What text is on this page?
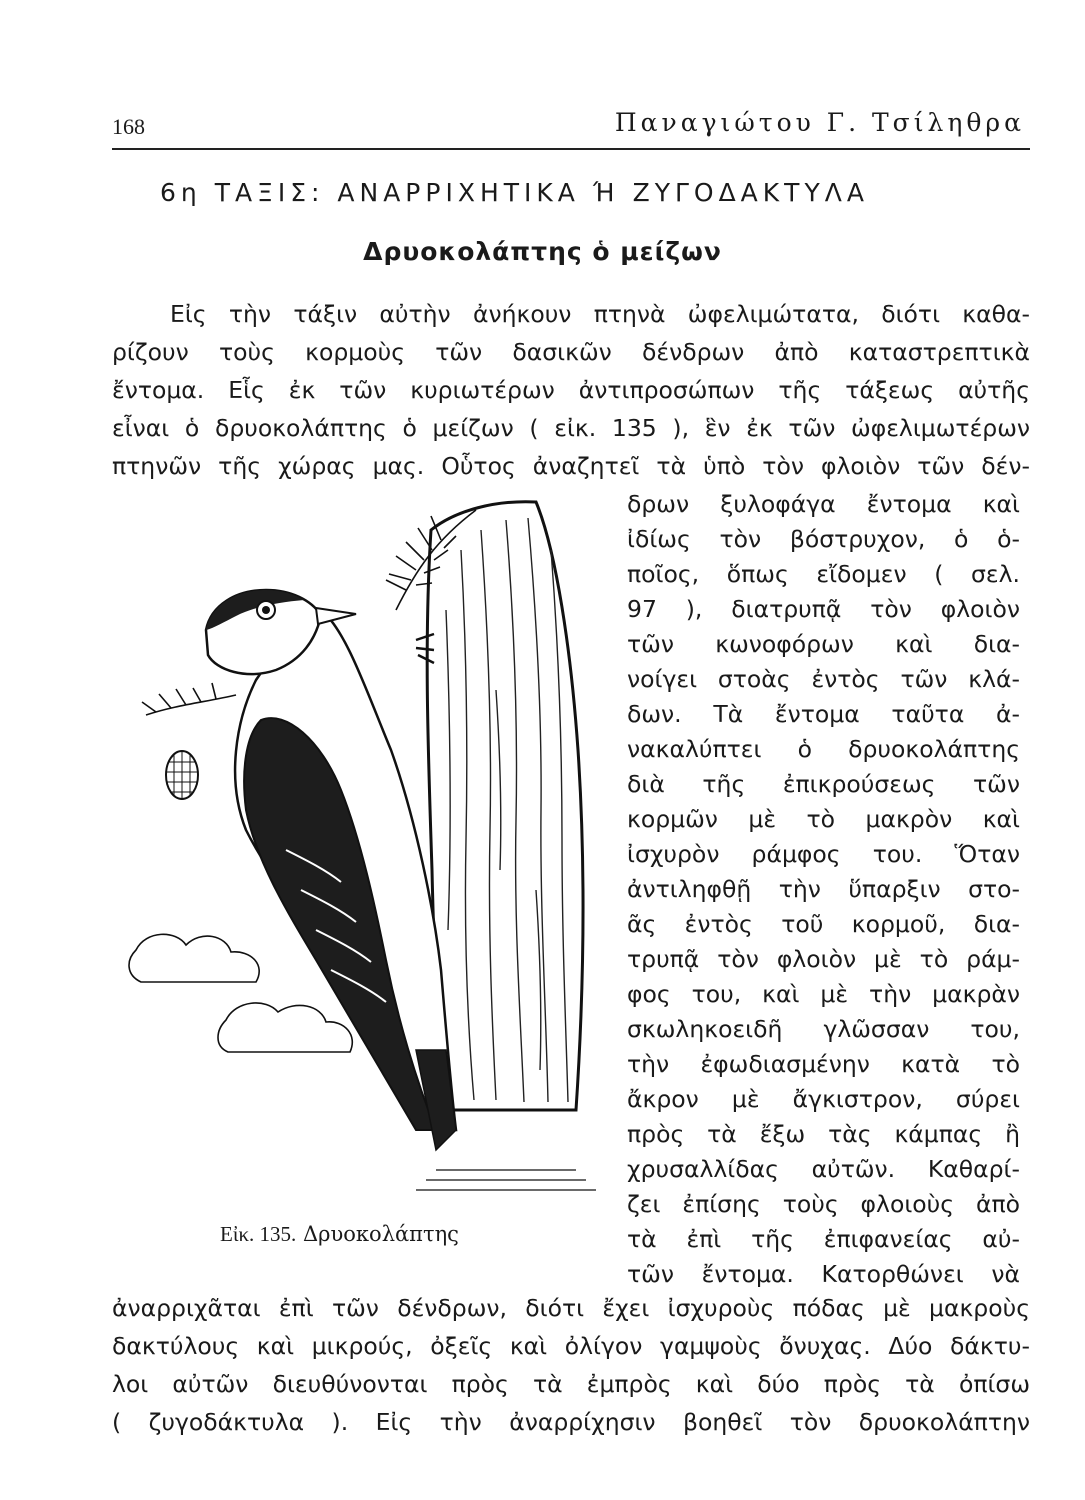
168	Παναγιώτου Γ. Τσίληθρα
6η ΤΑΞΙΣ: ΑΝΑΡΡΙΧΗΤΙΚΑ Ή ΖΥΓΟΔΑΚΤΥΛΑ
Δρυοκολάπτης ὁ μείζων
Εἰς τὴν τάξιν αὐτὴν ἀνήκουν πτηνὰ ὠφελιμώτατα, διότι καθα-
ρίζουν τοὺς κορμοὺς τῶν δασικῶν δένδρων ἀπὸ καταστρεπτικὰ
ἔντομα. Εἷς ἐκ τῶν κυριωτέρων ἀντιπροσώπων τῆς τάξεως αὐτῆς
εἶναι ὁ δρυοκολάπτης ὁ μείζων ( εἰκ. 135 ), ἓν ἐκ τῶν ὠφελιμωτέρων
πτηνῶν τῆς χώρας μας. Οὗτος ἀναζητεῖ τὰ ὑπὸ τὸν φλοιὸν τῶν δέν-
δρων ξυλοφάγα ἔντομα καὶ
ἰδίως τὸν βόστρυχον, ὁ ὁ-
ποῖος, ὅπως εἴδομεν ( σελ.
97 ), διατρυπᾷ τὸν φλοιὸν
τῶν κωνοφόρων καὶ δια-
νοίγει στοὰς ἐντὸς τῶν κλά-
δων. Τὰ ἔντομα ταῦτα ἀ-
νακαλύπτει ὁ δρυοκολάπτης
διὰ τῆς ἐπικρούσεως τῶν
κορμῶν μὲ τὸ μακρὸν καὶ
ἰσχυρὸν ράμφος του. Ὅταν
ἀντιληφθῇ τὴν ὕπαρξιν στο-
ᾶς ἐντὸς τοῦ κορμοῦ, δια-
τρυπᾷ τὸν φλοιὸν μὲ τὸ ράμ-
φος του, καὶ μὲ τὴν μακρὰν
σκωληκοειδῆ γλῶσσαν του,
τὴν ἐφωδιασμένην κατὰ τὸ
ἄκρον μὲ ἄγκιστρον, σύρει
πρὸς τὰ ἔξω τὰς κάμπας ἢ
χρυσαλλίδας αὐτῶν. Καθαρί-
ζει ἐπίσης τοὺς φλοιοὺς ἀπὸ
τὰ ἐπὶ τῆς ἐπιφανείας αὐ-
τῶν ἔντομα. Κατορθώνει νὰ
Εἰκ. 135. Δρυοκολάπτης
ἀναρριχᾶται ἐπὶ τῶν δένδρων, διότι ἔχει ἰσχυροὺς πόδας μὲ μακροὺς
δακτύλους καὶ μικρούς, ὀξεῖς καὶ ὀλίγον γαμψοὺς ὄνυχας. Δύο δάκτυ-
λοι αὐτῶν διευθύνονται πρὸς τὰ ἐμπρὸς καὶ δύο πρὸς τὰ ὀπίσω
( ζυγοδάκτυλα ). Εἰς τὴν ἀναρρίχησιν βοηθεῖ τὸν δρυοκολάπτην
